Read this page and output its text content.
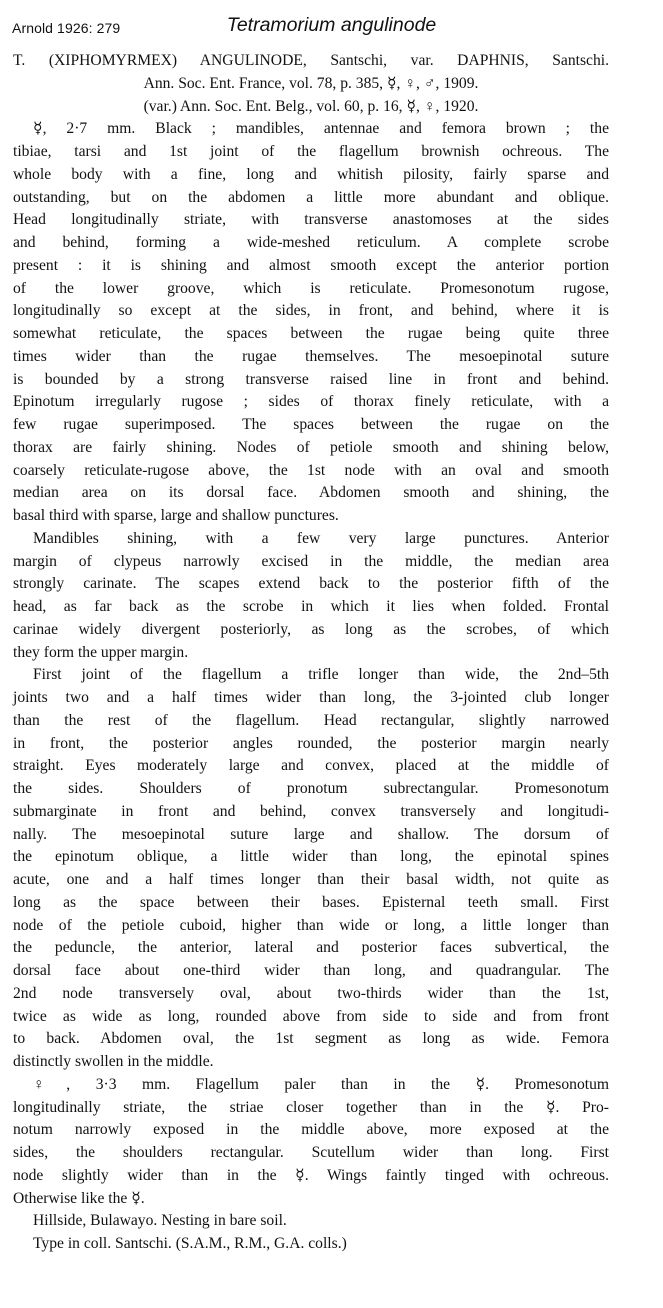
Arnold 1926: 279	Tetramorium angulinode
T. (XIPHOMYRMEX) ANGULINODE, Santschi, var. DAPHNIS, Santschi.
Ann. Soc. Ent. France, vol. 78, p. 385, ☿, ♀, ♂, 1909.
(var.) Ann. Soc. Ent. Belg., vol. 60, p. 16, ☿, ♀, 1920.
☿, 2·7 mm. Black ; mandibles, antennae and femora brown ; the
tibiae, tarsi and 1st joint of the flagellum brownish ochreous. The
whole body with a fine, long and whitish pilosity, fairly sparse and
outstanding, but on the abdomen a little more abundant and oblique.
Head longitudinally striate, with transverse anastomoses at the sides
and behind, forming a wide-meshed reticulum. A complete scrobe
present : it is shining and almost smooth except the anterior portion
of the lower groove, which is reticulate. Promesonotum rugose,
longitudinally so except at the sides, in front, and behind, where it is
somewhat reticulate, the spaces between the rugae being quite three
times wider than the rugae themselves. The mesoepinotal suture
is bounded by a strong transverse raised line in front and behind.
Epinotum irregularly rugose ; sides of thorax finely reticulate, with a
few rugae superimposed. The spaces between the rugae on the
thorax are fairly shining. Nodes of petiole smooth and shining below,
coarsely reticulate-rugose above, the 1st node with an oval and smooth
median area on its dorsal face. Abdomen smooth and shining, the
basal third with sparse, large and shallow punctures.
Mandibles shining, with a few very large punctures. Anterior
margin of clypeus narrowly excised in the middle, the median area
strongly carinate. The scapes extend back to the posterior fifth of the
head, as far back as the scrobe in which it lies when folded. Frontal
carinae widely divergent posteriorly, as long as the scrobes, of which
they form the upper margin.
First joint of the flagellum a trifle longer than wide, the 2nd–5th
joints two and a half times wider than long, the 3-jointed club longer
than the rest of the flagellum. Head rectangular, slightly narrowed
in front, the posterior angles rounded, the posterior margin nearly
straight. Eyes moderately large and convex, placed at the middle of
the sides. Shoulders of pronotum subrectangular. Promesonotum
submarginate in front and behind, convex transversely and longitudi-
nally. The mesoepinotal suture large and shallow. The dorsum of
the epinotum oblique, a little wider than long, the epinotal spines
acute, one and a half times longer than their basal width, not quite as
long as the space between their bases. Episternal teeth small. First
node of the petiole cuboid, higher than wide or long, a little longer than
the peduncle, the anterior, lateral and posterior faces subvertical, the
dorsal face about one-third wider than long, and quadrangular. The
2nd node transversely oval, about two-thirds wider than the 1st,
twice as wide as long, rounded above from side to side and from front
to back. Abdomen oval, the 1st segment as long as wide. Femora
distinctly swollen in the middle.
♀, 3·3 mm. Flagellum paler than in the ☿. Promesonotum
longitudinally striate, the striae closer together than in the ☿. Pro-
notum narrowly exposed in the middle above, more exposed at the
sides, the shoulders rectangular. Scutellum wider than long. First
node slightly wider than in the ☿. Wings faintly tinged with ochreous.
Otherwise like the ☿.
Hillside, Bulawayo. Nesting in bare soil.
Type in coll. Santschi. (S.A.M., R.M., G.A. colls.)
